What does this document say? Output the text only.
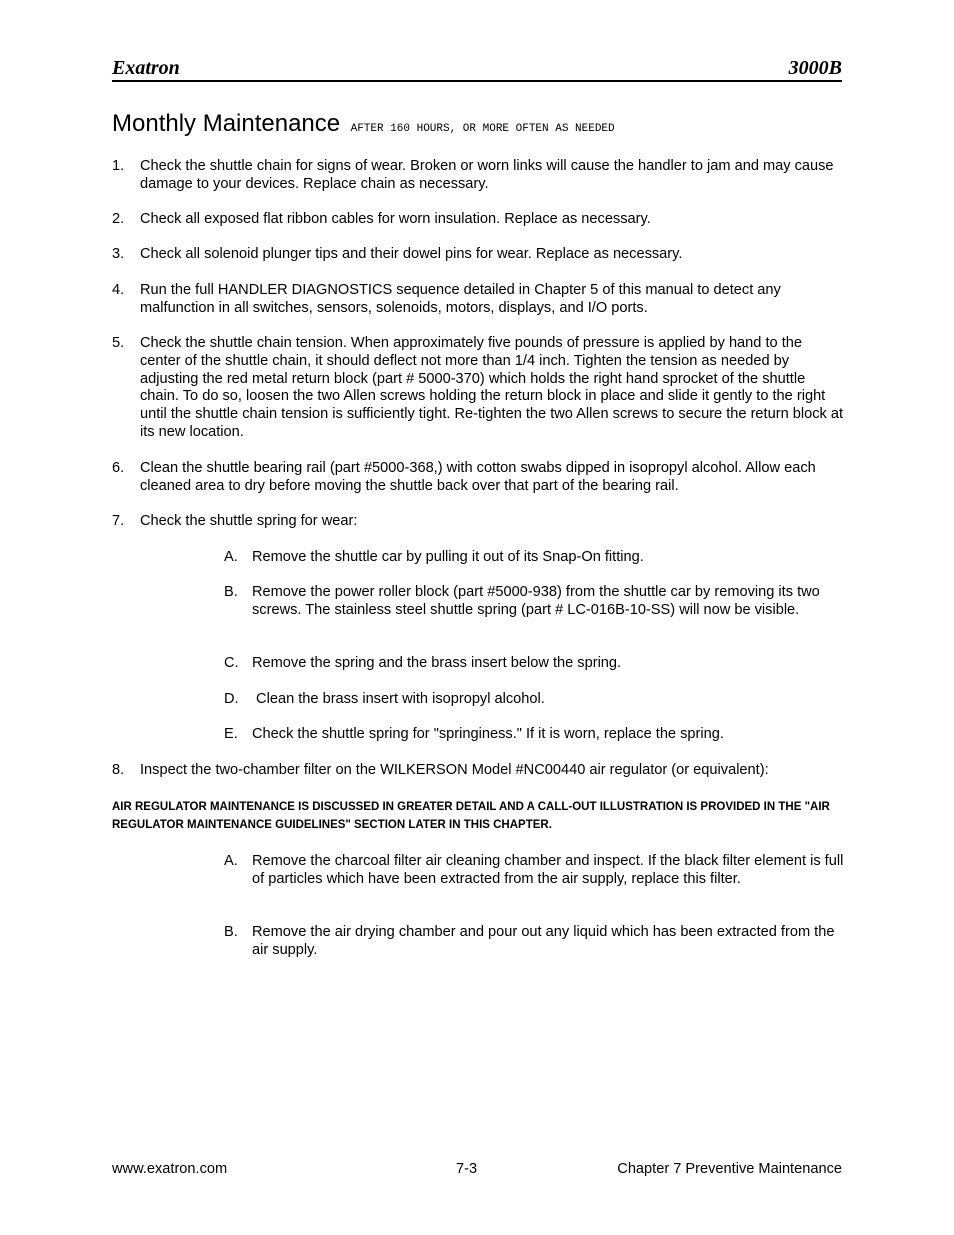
Exatron	3000B
Monthly Maintenance AFTER 160 HOURS, OR MORE OFTEN AS NEEDED
1. Check the shuttle chain for signs of wear. Broken or worn links will cause the handler to jam and may cause damage to your devices. Replace chain as necessary.
2. Check all exposed flat ribbon cables for worn insulation. Replace as necessary.
3. Check all solenoid plunger tips and their dowel pins for wear. Replace as necessary.
4. Run the full HANDLER DIAGNOSTICS sequence detailed in Chapter 5 of this manual to detect any malfunction in all switches, sensors, solenoids, motors, displays, and I/O ports.
5. Check the shuttle chain tension. When approximately five pounds of pressure is applied by hand to the center of the shuttle chain, it should deflect not more than 1/4 inch. Tighten the tension as needed by adjusting the red metal return block (part # 5000-370) which holds the right hand sprocket of the shuttle chain. To do so, loosen the two Allen screws holding the return block in place and slide it gently to the right until the shuttle chain tension is sufficiently tight. Re-tighten the two Allen screws to secure the return block at its new location.
6. Clean the shuttle bearing rail (part #5000-368,) with cotton swabs dipped in isopropyl alcohol. Allow each cleaned area to dry before moving the shuttle back over that part of the bearing rail.
7. Check the shuttle spring for wear:
A. Remove the shuttle car by pulling it out of its Snap-On fitting.
B. Remove the power roller block (part #5000-938) from the shuttle car by removing its two screws. The stainless steel shuttle spring (part # LC-016B-10-SS) will now be visible.
C. Remove the spring and the brass insert below the spring.
D. Clean the brass insert with isopropyl alcohol.
E. Check the shuttle spring for "springiness." If it is worn, replace the spring.
8. Inspect the two-chamber filter on the WILKERSON Model #NC00440 air regulator (or equivalent):
AIR REGULATOR MAINTENANCE IS DISCUSSED IN GREATER DETAIL AND A CALL-OUT ILLUSTRATION IS PROVIDED IN THE "AIR REGULATOR MAINTENANCE GUIDELINES" SECTION LATER IN THIS CHAPTER.
A. Remove the charcoal filter air cleaning chamber and inspect. If the black filter element is full of particles which have been extracted from the air supply, replace this filter.
B. Remove the air drying chamber and pour out any liquid which has been extracted from the air supply.
www.exatron.com	7-3	Chapter 7 Preventive Maintenance
